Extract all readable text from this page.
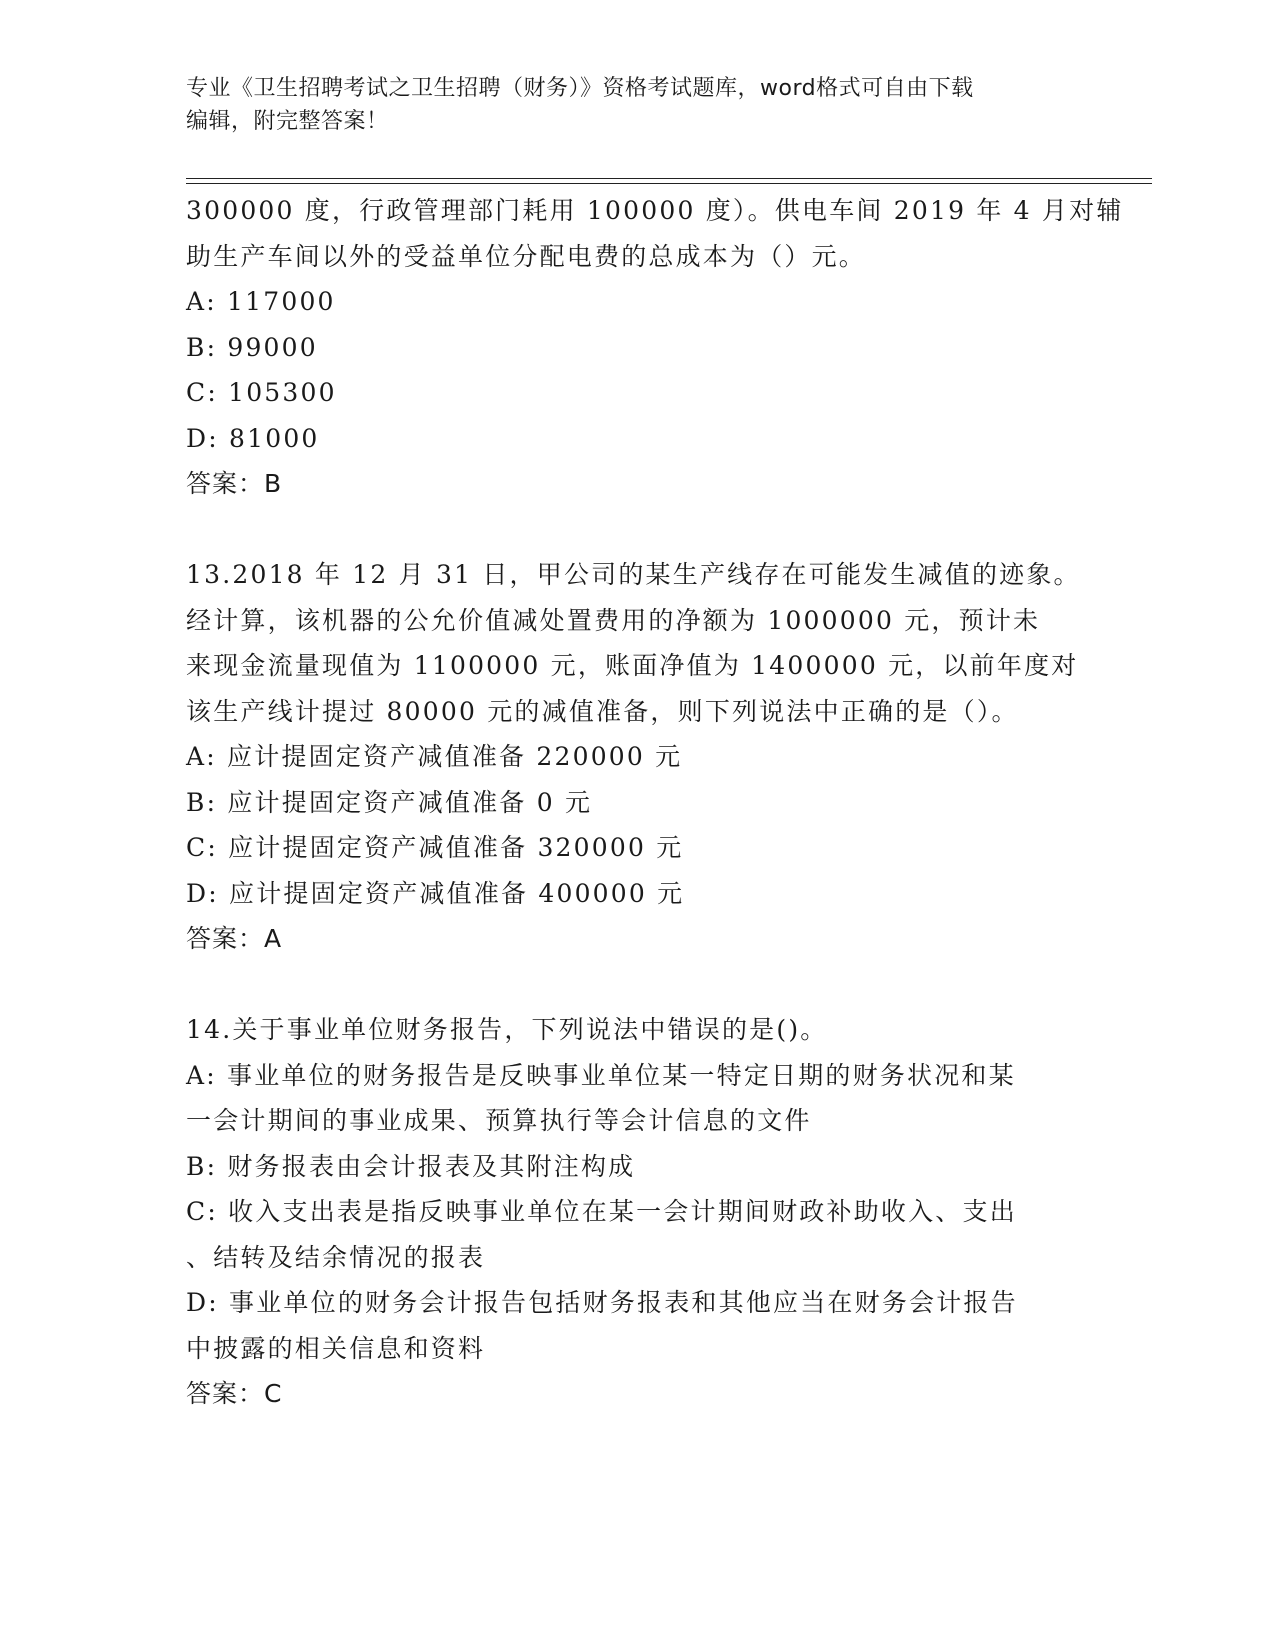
专业《卫生招聘考试之卫生招聘（财务）》资格考试题库，word格式可自由下载
编辑，附完整答案！
300000 度，行政管理部门耗用 100000 度）。供电车间 2019 年 4 月对辅
助生产车间以外的受益单位分配电费的总成本为（）元。
A: 117000
B: 99000
C: 105300
D: 81000
答案：B
13.2018 年 12 月 31 日，甲公司的某生产线存在可能发生减值的迹象。
经计算，该机器的公允价值减处置费用的净额为 1000000 元，预计未
来现金流量现值为 1100000 元，账面净值为 1400000 元，以前年度对
该生产线计提过 80000 元的减值准备，则下列说法中正确的是（）。
A: 应计提固定资产减值准备 220000 元
B: 应计提固定资产减值准备 0 元
C: 应计提固定资产减值准备 320000 元
D: 应计提固定资产减值准备 400000 元
答案：A
14.关于事业单位财务报告，下列说法中错误的是()。
A: 事业单位的财务报告是反映事业单位某一特定日期的财务状况和某
一会计期间的事业成果、预算执行等会计信息的文件
B: 财务报表由会计报表及其附注构成
C: 收入支出表是指反映事业单位在某一会计期间财政补助收入、支出
、结转及结余情况的报表
D: 事业单位的财务会计报告包括财务报表和其他应当在财务会计报告
中披露的相关信息和资料
答案：C
